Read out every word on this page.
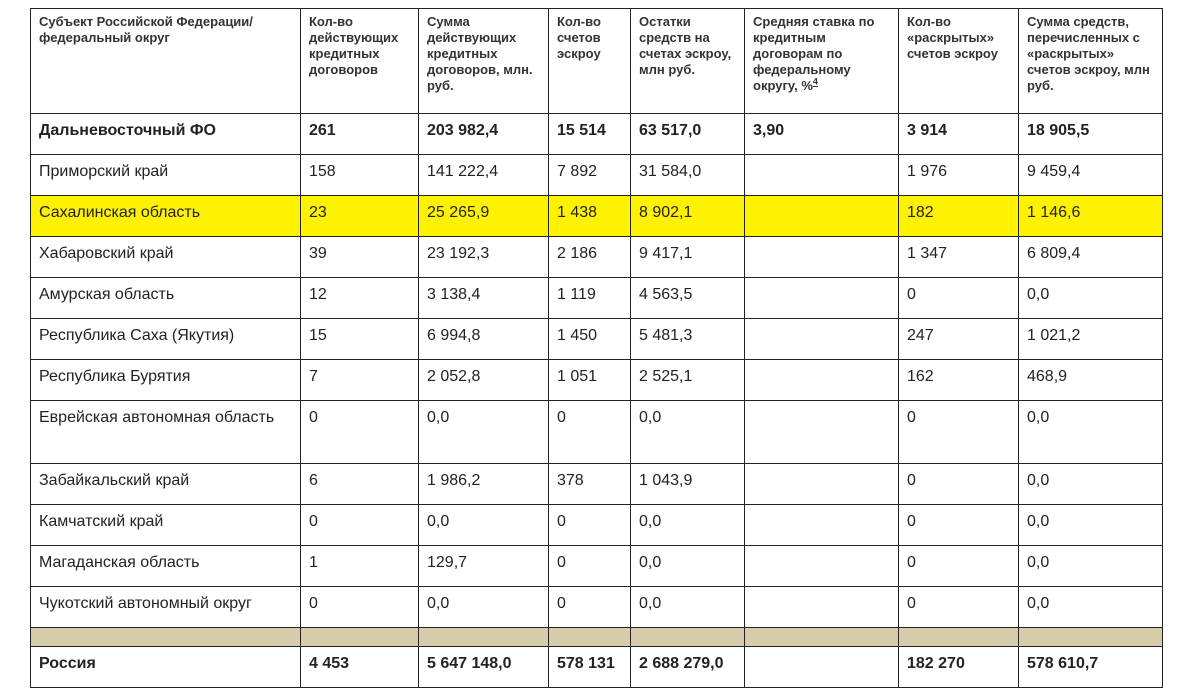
Субъект Российской Федерации/федеральный округ	Кол-во действующих кредитных договоров	Сумма действующих кредитных договоров, млн. руб.	Кол-во счетов эскроу	Остатки средств на счетах эскроу, млн руб.	Средняя ставка по кредитным договорам по федеральному округу, %$^4$	Кол-во «раскрытых» счетов эскроу	Сумма средств, перечисленных с «раскрытых» счетов эскроу, млн руб.
Дальневосточный ФО	261	203 982,4	15 514	63 517,0	3,90	3 914	18 905,5
Приморский край	158	141 222,4	7 892	31 584,0		1 976	9 459,4
Сахалинская область	23	25 265,9	1 438	8 902,1		182	1 146,6
Хабаровский край	39	23 192,3	2 186	9 417,1		1 347	6 809,4
Амурская область	12	3 138,4	1 119	4 563,5		0	0,0
Республика Саха (Якутия)	15	6 994,8	1 450	5 481,3		247	1 021,2
Республика Бурятия	7	2 052,8	1 051	2 525,1		162	468,9
Еврейская автономная область	0	0,0	0	0,0		0	0,0
Забайкальский край	6	1 986,2	378	1 043,9		0	0,0
Камчатский край	0	0,0	0	0,0		0	0,0
Магаданская область	1	129,7	0	0,0		0	0,0
Чукотский автономный округ	0	0,0	0	0,0		0	0,0

Россия	4 453	5 647 148,0	578 131	2 688 279,0		182 270	578 610,7
